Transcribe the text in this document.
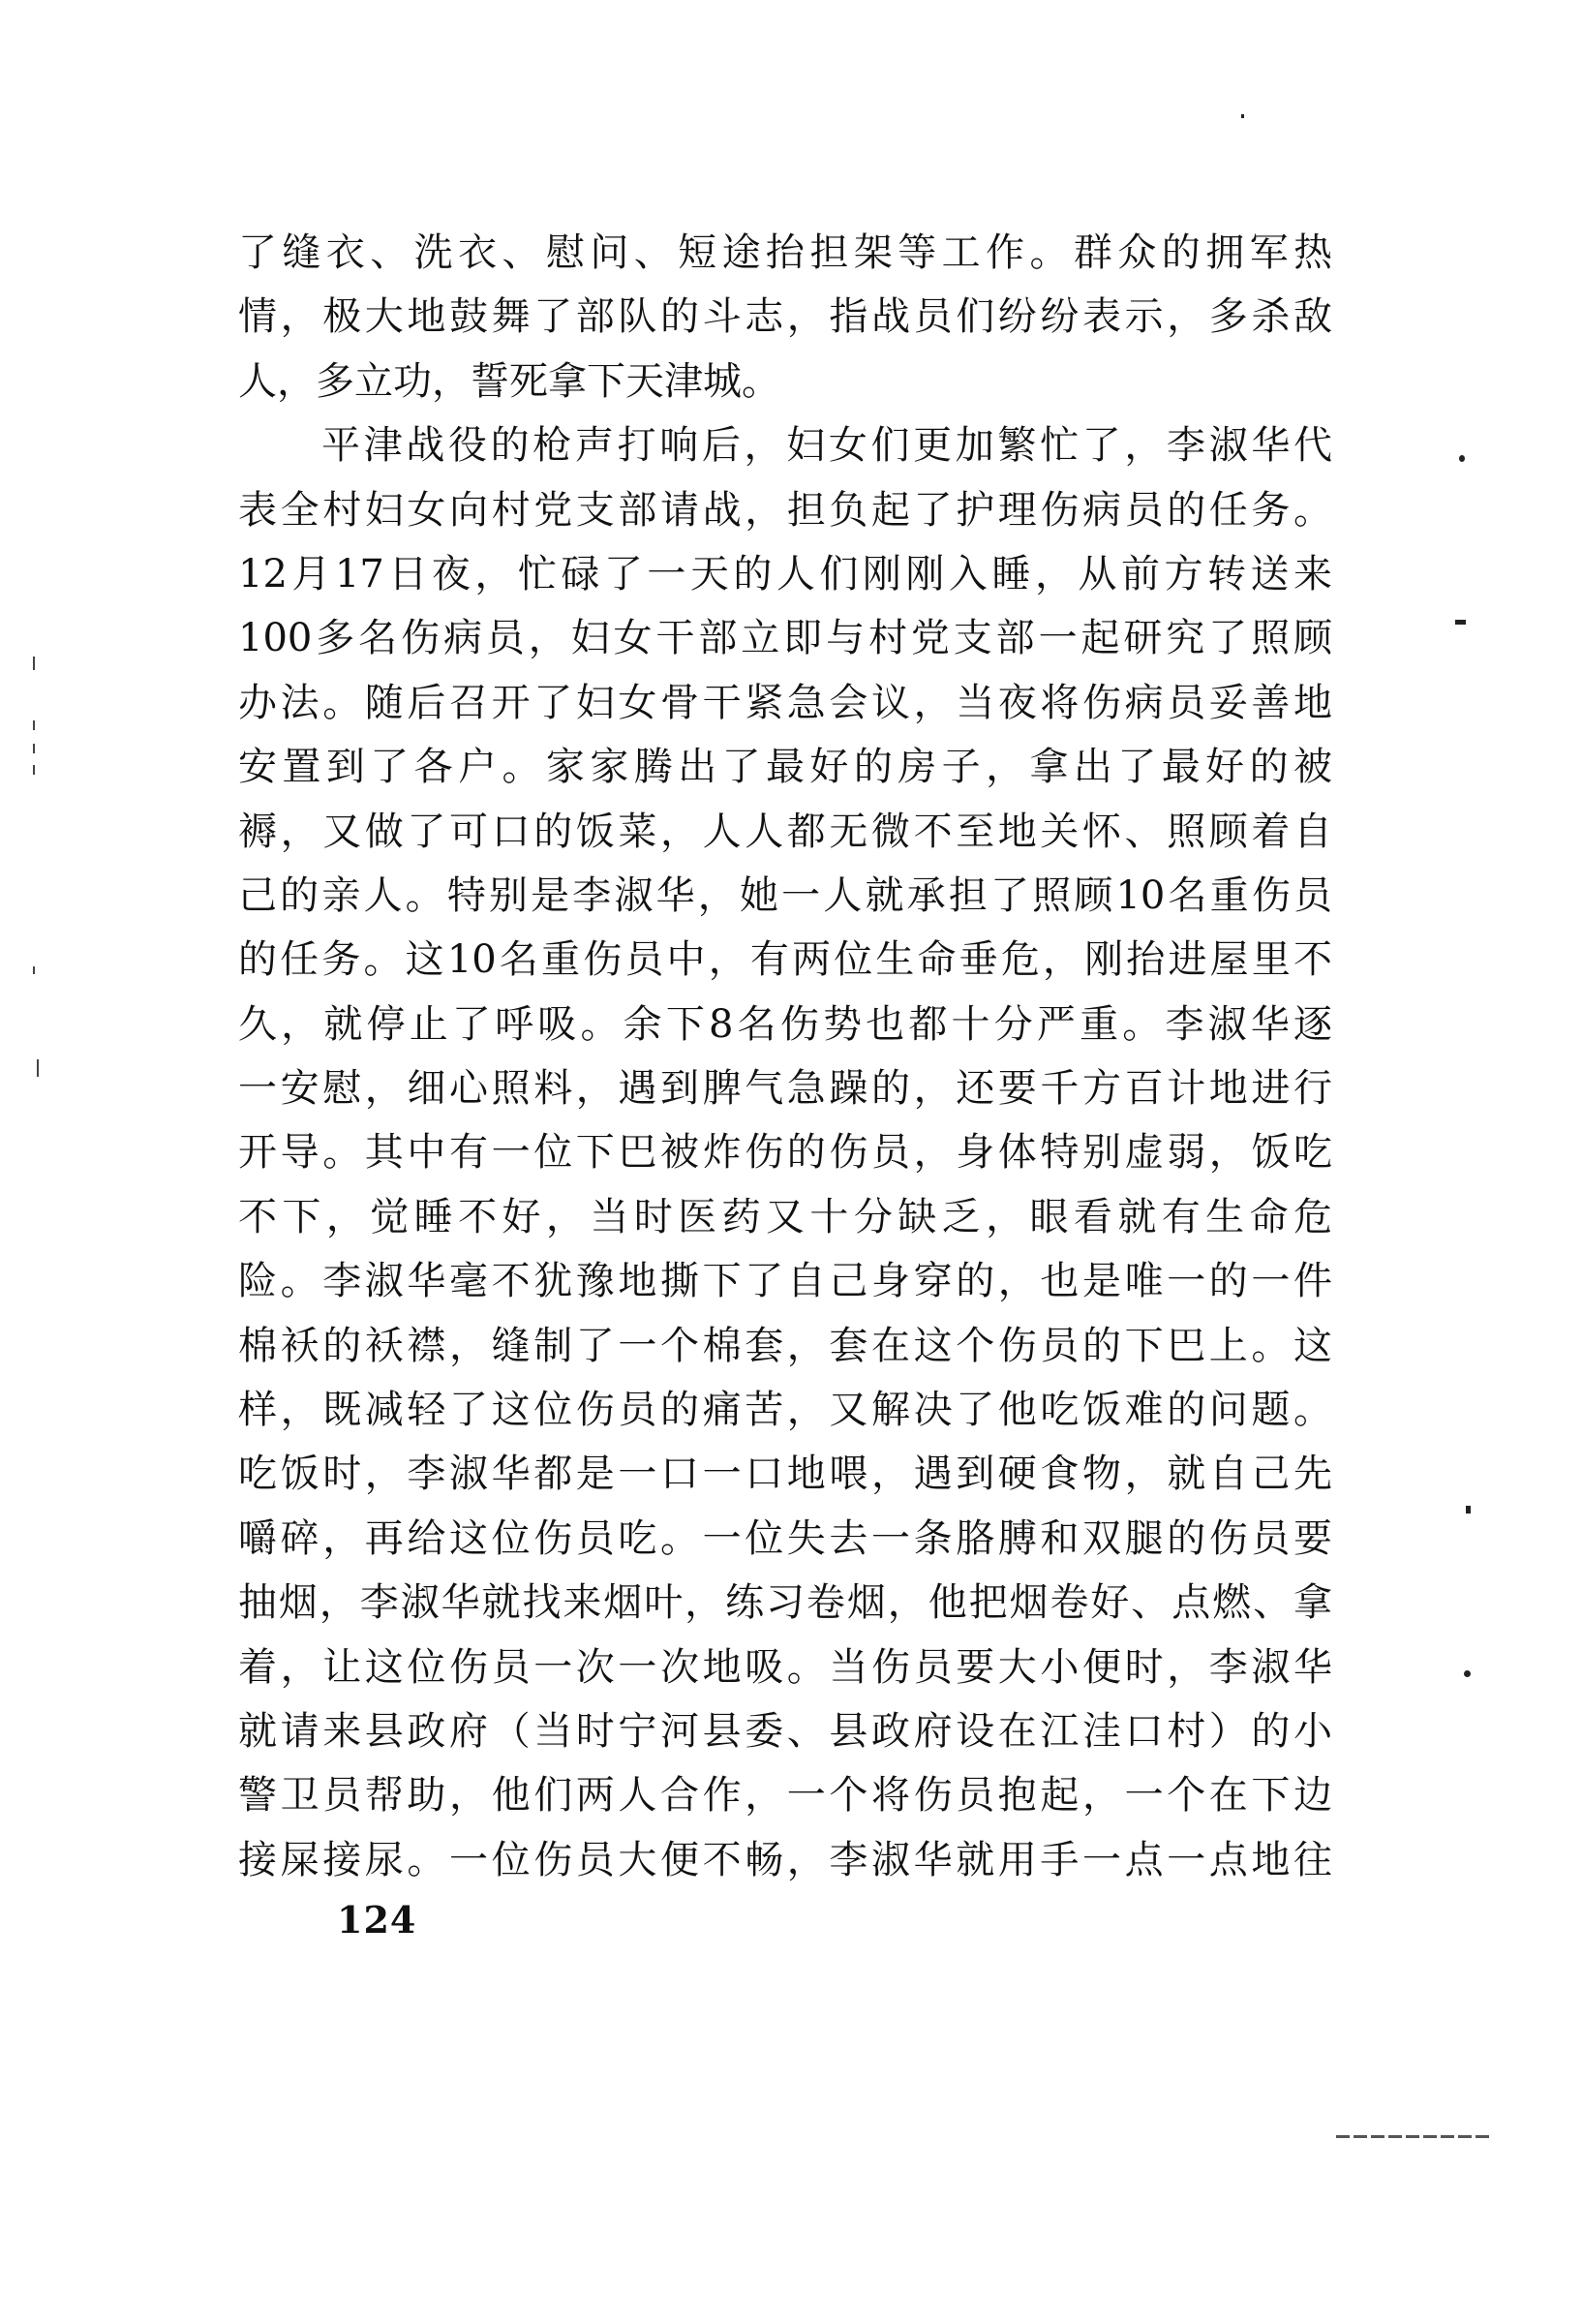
了缝衣、洗衣、慰问、短途抬担架等工作。群众的拥军热
情，极大地鼓舞了部队的斗志，指战员们纷纷表示，多杀敌
人，多立功，誓死拿下天津城。
平津战役的枪声打响后，妇女们更加繁忙了，李淑华代
表全村妇女向村党支部请战，担负起了护理伤病员的任务。
12月17日夜，忙碌了一天的人们刚刚入睡，从前方转送来
100多名伤病员，妇女干部立即与村党支部一起研究了照顾
办法。随后召开了妇女骨干紧急会议，当夜将伤病员妥善地
安置到了各户。家家腾出了最好的房子，拿出了最好的被
褥，又做了可口的饭菜，人人都无微不至地关怀、照顾着自
己的亲人。特别是李淑华，她一人就承担了照顾10名重伤员
的任务。这10名重伤员中，有两位生命垂危，刚抬进屋里不
久，就停止了呼吸。余下8名伤势也都十分严重。李淑华逐
一安慰，细心照料，遇到脾气急躁的，还要千方百计地进行
开导。其中有一位下巴被炸伤的伤员，身体特别虚弱，饭吃
不下，觉睡不好，当时医药又十分缺乏，眼看就有生命危
险。李淑华毫不犹豫地撕下了自己身穿的，也是唯一的一件
棉袄的袄襟，缝制了一个棉套，套在这个伤员的下巴上。这
样，既减轻了这位伤员的痛苦，又解决了他吃饭难的问题。
吃饭时，李淑华都是一口一口地喂，遇到硬食物，就自己先
嚼碎，再给这位伤员吃。一位失去一条胳膊和双腿的伤员要
抽烟，李淑华就找来烟叶，练习卷烟，他把烟卷好、点燃、拿
着，让这位伤员一次一次地吸。当伤员要大小便时，李淑华
就请来县政府（当时宁河县委、县政府设在江洼口村）的小
警卫员帮助，他们两人合作，一个将伤员抱起，一个在下边
接屎接尿。一位伤员大便不畅，李淑华就用手一点一点地往
124
